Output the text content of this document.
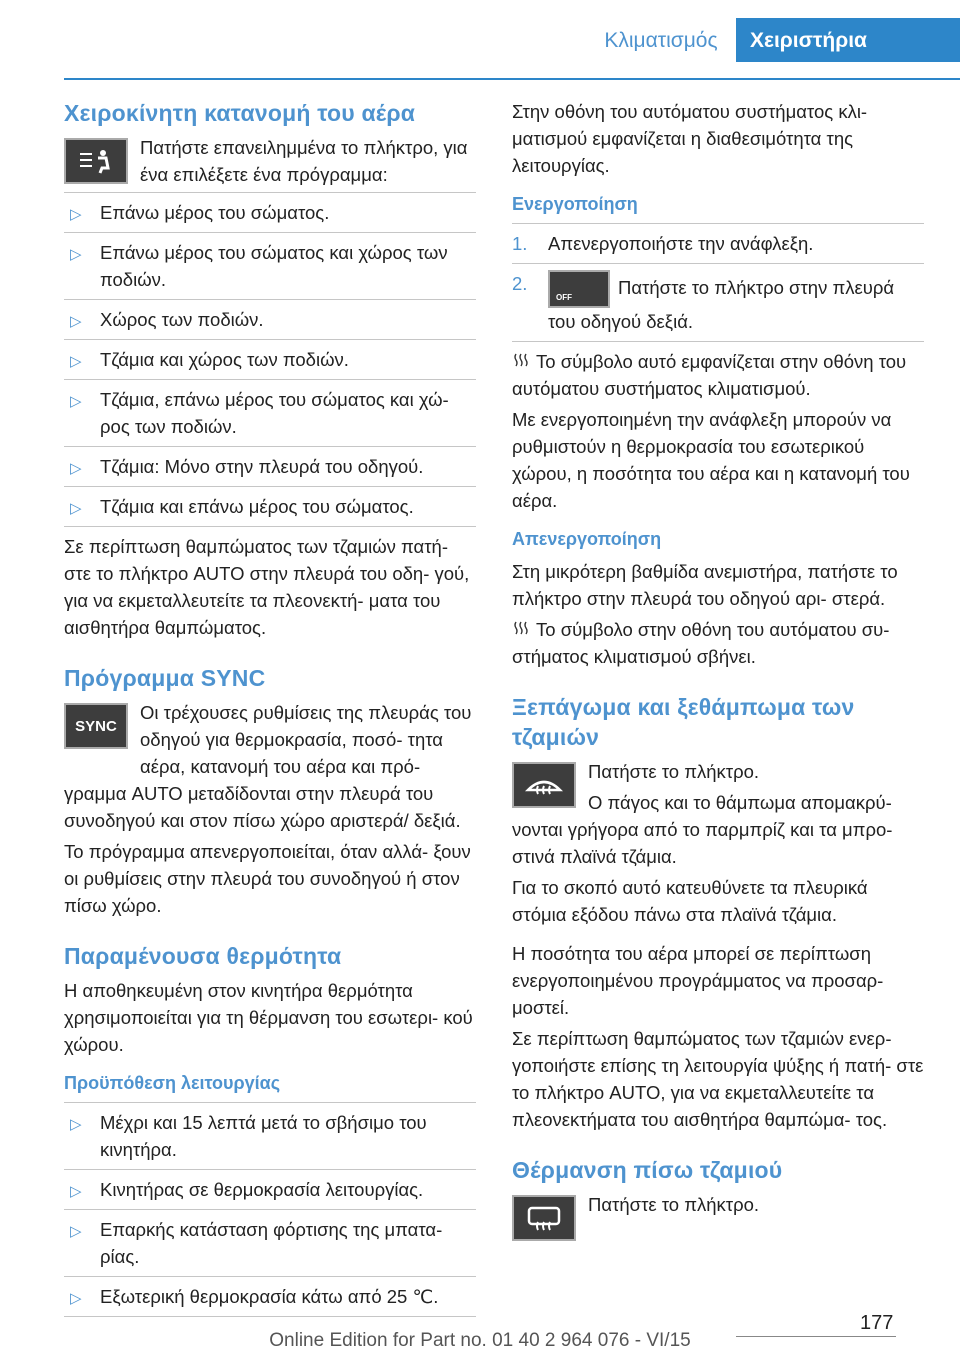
Κλιματισμός	Χειριστήρια
Χειροκίνητη κατανομή του αέρα

Πατήστε επανειλημμένα το πλήκτρο, για ένα επιλέξετε ένα πρόγραμμα:

▷ Επάνω μέρος του σώματος.
▷ Επάνω μέρος του σώματος και χώρος των ποδιών.
▷ Χώρος των ποδιών.
▷ Τζάμια και χώρος των ποδιών.
▷ Τζάμια, επάνω μέρος του σώματος και χώ‐ ρος των ποδιών.
▷ Τζάμια: Μόνο στην πλευρά του οδηγού.
▷ Τζάμια και επάνω μέρος του σώματος.

Σε περίπτωση θαμπώματος των τζαμιών πατή‐ στε το πλήκτρο AUTO στην πλευρά του οδη‐ γού, για να εκμεταλλευτείτε τα πλεονεκτή‐ ματα του αισθητήρα θαμπώματος.

Πρόγραμμα SYNC
SYNC

Οι τρέχουσες ρυθμίσεις της πλευράς του οδηγού για θερμοκρασία, ποσό‐ τητα αέρα, κατανομή του αέρα και πρό‐ γραμμα AUTO μεταδίδονται στην πλευρά του συνοδηγού και στον πίσω χώρο αριστερά/ δεξιά.

Το πρόγραμμα απενεργοποιείται, όταν αλλά‐ ξουν οι ρυθμίσεις στην πλευρά του συνοδηγού ή στον πίσω χώρο.

Παραμένουσα θερμότητα

Η αποθηκευμένη στον κινητήρα θερμότητα χρησιμοποιείται για τη θέρμανση του εσωτερι‐ κού χώρου.

Προϋπόθεση λειτουργίας
▷ Μέχρι και 15 λεπτά μετά το σβήσιμο του κινητήρα.
▷ Κινητήρας σε θερμοκρασία λειτουργίας.
▷ Επαρκής κατάσταση φόρτισης της μπατα‐ ρίας.
▷ Εξωτερική θερμοκρασία κάτω από 25 ℃.

Στην οθόνη του αυτόματου συστήματος κλι‐ ματισμού εμφανίζεται η διαθεσιμότητα της λειτουργίας.

Ενεργοποίηση
1. Απενεργοποιήστε την ανάφλεξη.
2.
OFF Πατήστε το πλήκτρο στην πλευρά του οδηγού δεξιά.

Το σύμβολο αυτό εμφανίζεται στην οθόνη του αυτόματου συστήματος κλιματισμού.

Με ενεργοποιημένη την ανάφλεξη μπορούν να ρυθμιστούν η θερμοκρασία του εσωτερικού χώρου, η ποσότητα του αέρα και η κατανομή του αέρα.

Απενεργοποίηση

Στη μικρότερη βαθμίδα ανεμιστήρα, πατήστε το πλήκτρο στην πλευρά του οδηγού αρι‐ στερά.

Το σύμβολο στην οθόνη του αυτόματου συ‐ στήματος κλιματισμού σβήνει.

Ξεπάγωμα και ξεθάμπωμα των τζαμιών

Πατήστε το πλήκτρο.

Ο πάγος και το θάμπωμα απομακρύ‐ νονται γρήγορα από το παρμπρίζ και τα μπρο‐ στινά πλαϊνά τζάμια.

Για το σκοπό αυτό κατευθύνετε τα πλευρικά στόμια εξόδου πάνω στα πλαϊνά τζάμια.

Η ποσότητα του αέρα μπορεί σε περίπτωση ενεργοποιημένου προγράμματος να προσαρ‐ μοστεί.

Σε περίπτωση θαμπώματος των τζαμιών ενερ‐ γοποιήστε επίσης τη λειτουργία ψύξης ή πατή‐ στε το πλήκτρο AUTO, για να εκμεταλλευτείτε τα πλεονεκτήματα του αισθητήρα θαμπώμα‐ τος.

Θέρμανση πίσω τζαμιού

Πατήστε το πλήκτρο.

177
Online Edition for Part no. 01 40 2 964 076 - VI/15
